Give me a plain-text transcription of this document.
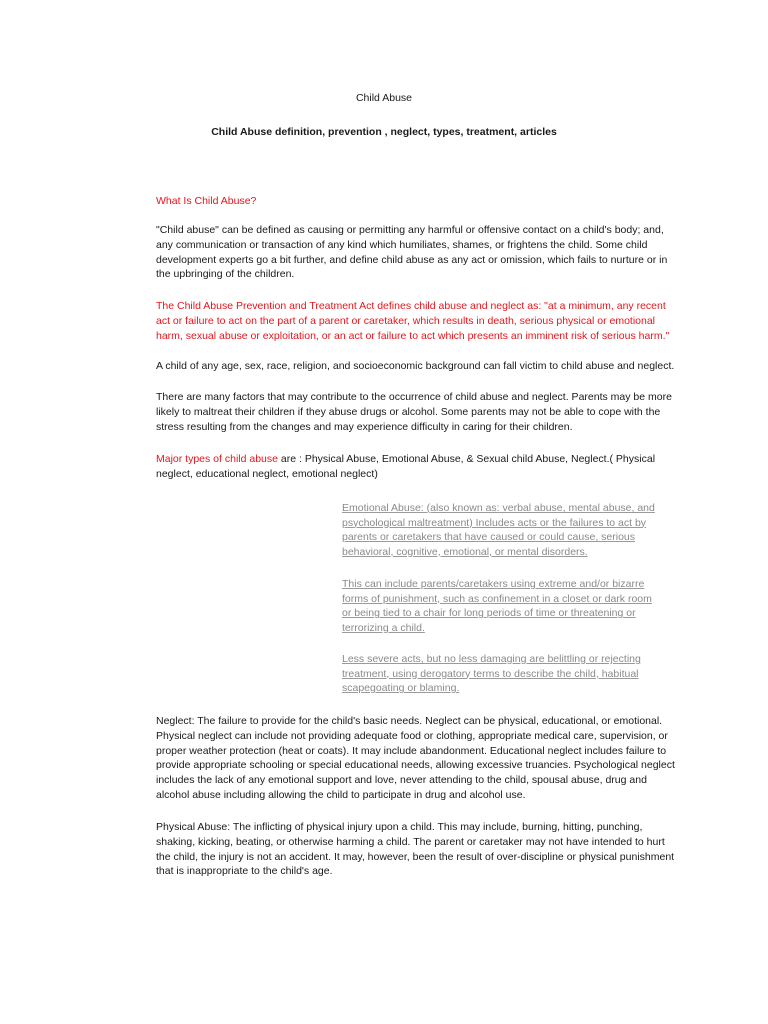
Child Abuse
Child Abuse definition, prevention , neglect, types, treatment, articles
What Is Child Abuse?
"Child abuse" can be defined as causing or permitting any harmful or offensive contact on a child's body; and, any communication or transaction of any kind which humiliates, shames, or frightens the child. Some child development experts go a bit further, and define child abuse as any act or omission, which fails to nurture or in the upbringing of the children.
The Child Abuse Prevention and Treatment Act defines child abuse and neglect as: "at a minimum, any recent act or failure to act on the part of a parent or caretaker, which results in death, serious physical or emotional harm, sexual abuse or exploitation, or an act or failure to act which presents an imminent risk of serious harm."
A child of any age, sex, race, religion, and socioeconomic background can fall victim to child abuse and neglect.
There are many factors that may contribute to the occurrence of child abuse and neglect. Parents may be more likely to maltreat their children if they abuse drugs or alcohol. Some parents may not be able to cope with the stress resulting from the changes and may experience difficulty in caring for their children.
Major types of child abuse are : Physical Abuse, Emotional Abuse, & Sexual child Abuse, Neglect.( Physical neglect, educational neglect, emotional neglect)
Emotional Abuse: (also known as: verbal abuse, mental abuse, and psychological maltreatment) Includes acts or the failures to act by parents or caretakers that have caused or could cause, serious behavioral, cognitive, emotional, or mental disorders.
This can include parents/caretakers using extreme and/or bizarre forms of punishment, such as confinement in a closet or dark room or being tied to a chair for long periods of time or threatening or terrorizing a child.
Less severe acts, but no less damaging are belittling or rejecting treatment, using derogatory terms to describe the child, habitual scapegoating or blaming.
Neglect: The failure to provide for the child's basic needs. Neglect can be physical, educational, or emotional. Physical neglect can include not providing adequate food or clothing, appropriate medical care, supervision, or proper weather protection (heat or coats). It may include abandonment. Educational neglect includes failure to provide appropriate schooling or special educational needs, allowing excessive truancies. Psychological neglect includes the lack of any emotional support and love, never attending to the child, spousal abuse, drug and alcohol abuse including allowing the child to participate in drug and alcohol use.
Physical Abuse: The inflicting of physical injury upon a child. This may include, burning, hitting, punching, shaking, kicking, beating, or otherwise harming a child. The parent or caretaker may not have intended to hurt the child, the injury is not an accident. It may, however, been the result of over-discipline or physical punishment that is inappropriate to the child's age.
